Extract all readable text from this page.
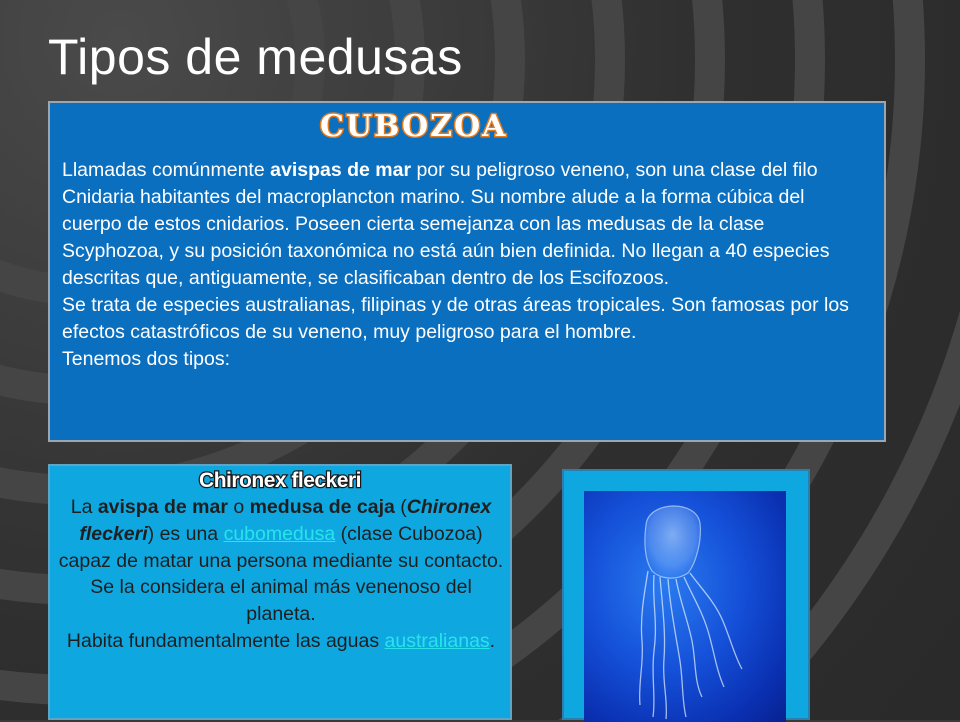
Tipos de medusas
CUBOZOA

Llamadas comúnmente avispas de mar por su peligroso veneno, son una clase del filo Cnidaria habitantes del macroplancton marino. Su nombre alude a la forma cúbica del cuerpo de estos cnidarios. Poseen cierta semejanza con las medusas de la clase Scyphozoa, y su posición taxonómica no está aún bien definida. No llegan a 40 especies descritas que, antiguamente, se clasificaban dentro de los Escifozoos.

Se trata de especies australianas, filipinas y de otras áreas tropicales. Son famosas por los efectos catastróficos de su veneno, muy peligroso para el hombre.

Tenemos dos tipos:

Chironex fleckeri

La avispa de mar o medusa de caja (Chironex fleckeri) es una cubomedusa (clase Cubozoa) capaz de matar una persona mediante su contacto. Se la considera el animal más venenoso del planeta.

Habita fundamentalmente las aguas australianas.
